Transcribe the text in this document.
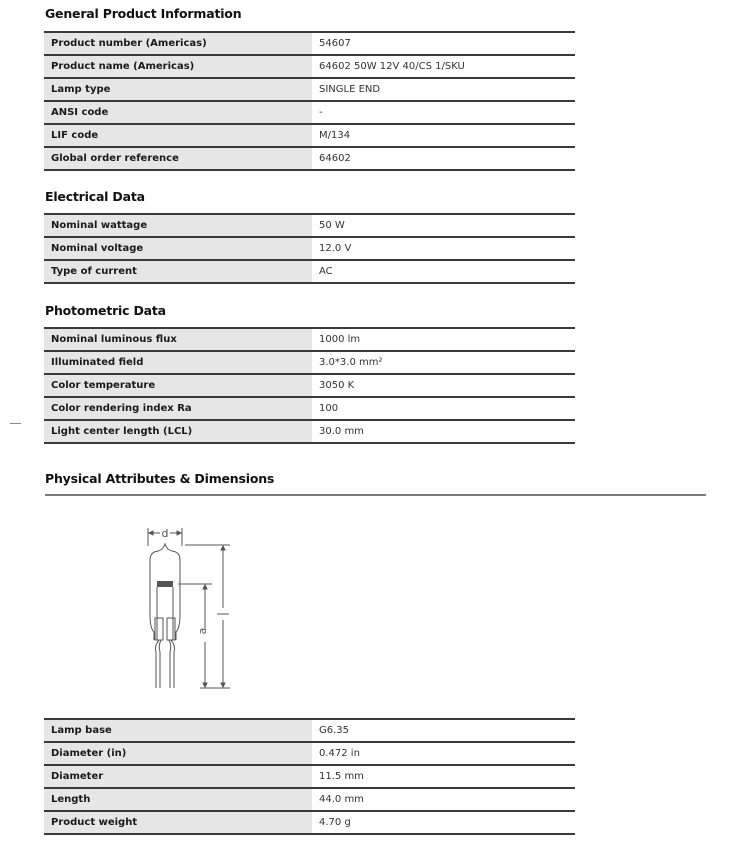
General Product Information
Product number (Americas)	54607
Product name (Americas)	64602 50W 12V 40/CS 1/SKU
Lamp type	SINGLE END
ANSI code	-
LIF code	M/134
Global order reference	64602
Electrical Data
Nominal wattage	50 W
Nominal voltage	12.0 V
Type of current	AC
Photometric Data
Nominal luminous flux	1000 lm
Illuminated field	3.0*3.0 mm²
Color temperature	3050 K
Color rendering index Ra	100
Light center length (LCL)	30.0 mm
Physical Attributes & Dimensions
d
a
Lamp base	G6.35
Diameter (in)	0.472 in
Diameter	11.5 mm
Length	44.0 mm
Product weight	4.70 g
